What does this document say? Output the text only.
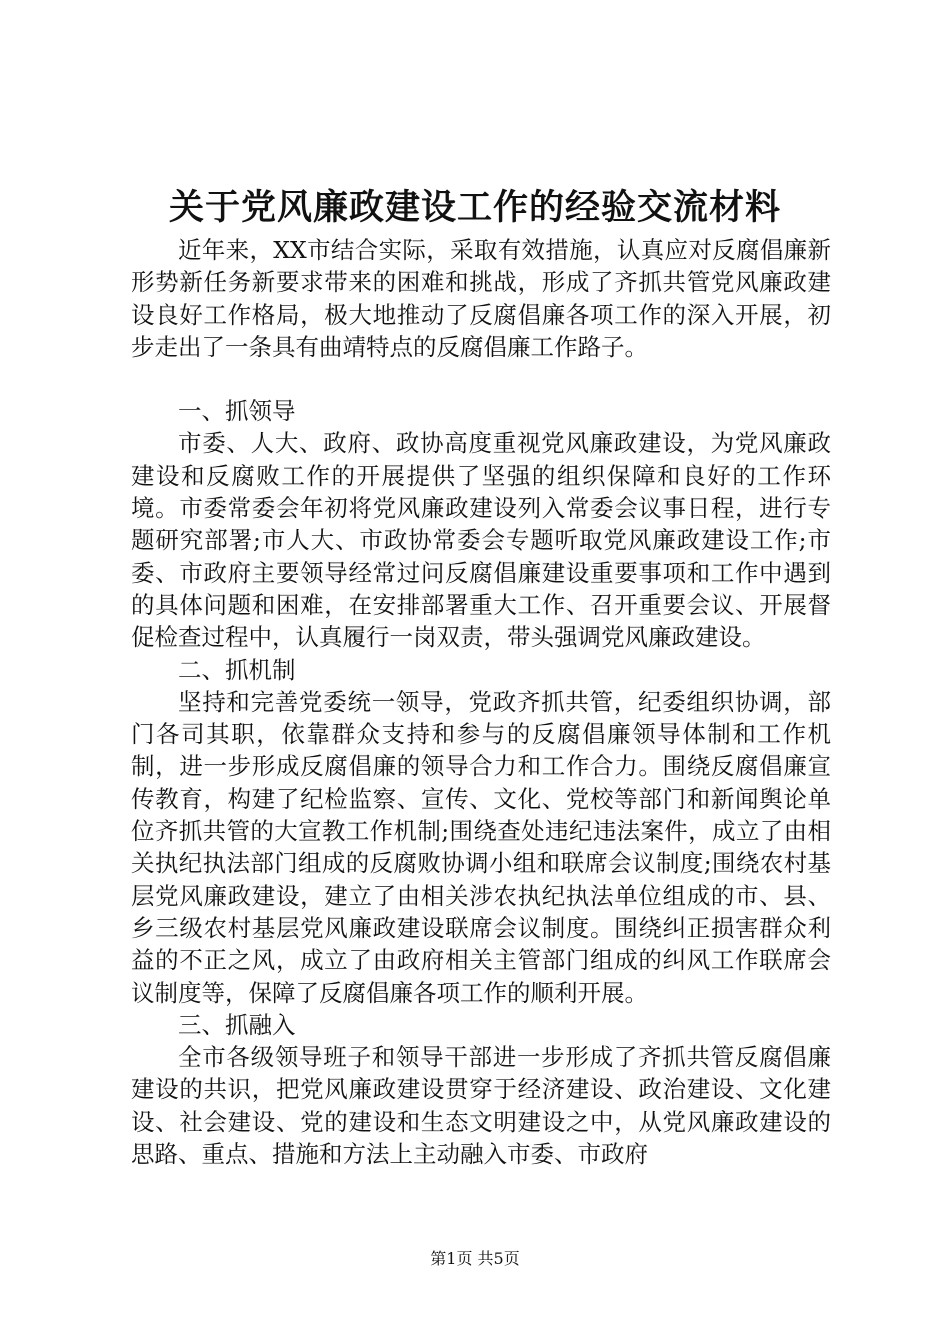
关于党风廉政建设工作的经验交流材料

近年来，XX市结合实际，采取有效措施，认真应对反腐倡廉新形势新任务新要求带来的困难和挑战，形成了齐抓共管党风廉政建设良好工作格局，极大地推动了反腐倡廉各项工作的深入开展，初步走出了一条具有曲靖特点的反腐倡廉工作路子。

一、抓领导

市委、人大、政府、政协高度重视党风廉政建设，为党风廉政建设和反腐败工作的开展提供了坚强的组织保障和良好的工作环境。市委常委会年初将党风廉政建设列入常委会议事日程，进行专题研究部署;市人大、市政协常委会专题听取党风廉政建设工作;市委、市政府主要领导经常过问反腐倡廉建设重要事项和工作中遇到的具体问题和困难，在安排部署重大工作、召开重要会议、开展督促检查过程中，认真履行一岗双责，带头强调党风廉政建设。

二、抓机制

坚持和完善党委统一领导，党政齐抓共管，纪委组织协调，部门各司其职，依靠群众支持和参与的反腐倡廉领导体制和工作机制，进一步形成反腐倡廉的领导合力和工作合力。围绕反腐倡廉宣传教育，构建了纪检监察、宣传、文化、党校等部门和新闻舆论单位齐抓共管的大宣教工作机制;围绕查处违纪违法案件，成立了由相关执纪执法部门组成的反腐败协调小组和联席会议制度;围绕农村基层党风廉政建设，建立了由相关涉农执纪执法单位组成的市、县、乡三级农村基层党风廉政建设联席会议制度。围绕纠正损害群众利益的不正之风，成立了由政府相关主管部门组成的纠风工作联席会议制度等，保障了反腐倡廉各项工作的顺利开展。

三、抓融入

全市各级领导班子和领导干部进一步形成了齐抓共管反腐倡廉建设的共识，把党风廉政建设贯穿于经济建设、政治建设、文化建设、社会建设、党的建设和生态文明建设之中，从党风廉政建设的思路、重点、措施和方法上主动融入市委、市政府

第1页 共5页
